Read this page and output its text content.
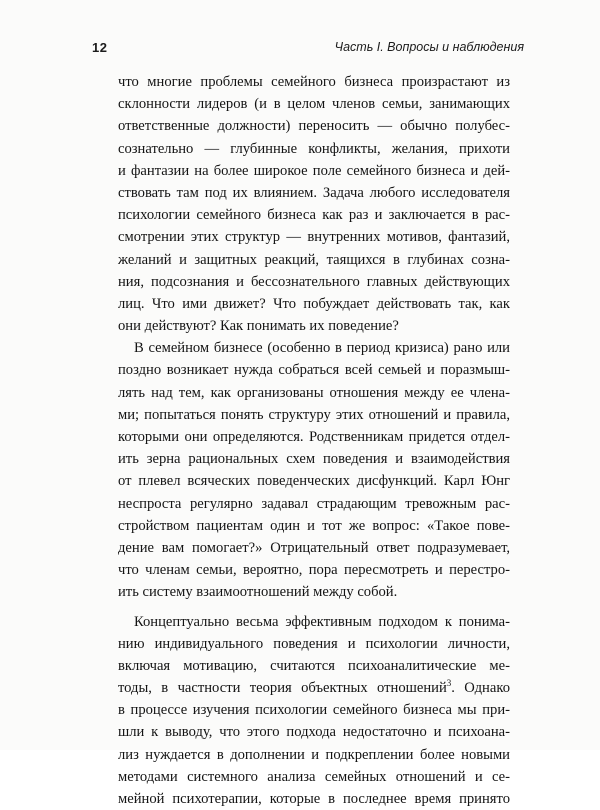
12	Часть I. Вопросы и наблюдения
что многие проблемы семейного бизнеса произрастают из
склонности лидеров (и в целом членов семьи, занимающих
ответственные должности) переносить — обычно полубес-
сознательно — глубинные конфликты, желания, прихоти
и фантазии на более широкое поле семейного бизнеса и дей-
ствовать там под их влиянием. Задача любого исследователя
психологии семейного бизнеса как раз и заключается в рас-
смотрении этих структур — внутренних мотивов, фантазий,
желаний и защитных реакций, таящихся в глубинах созна-
ния, подсознания и бессознательного главных действующих
лиц. Что ими движет? Что побуждает действовать так, как
они действуют? Как понимать их поведение?
В семейном бизнесе (особенно в период кризиса) рано или
поздно возникает нужда собраться всей семьей и поразмыш-
лять над тем, как организованы отношения между ее члена-
ми; попытаться понять структуру этих отношений и правила,
которыми они определяются. Родственникам придется отдел-
ить зерна рациональных схем поведения и взаимодействия
от плевел всяческих поведенческих дисфункций. Карл Юнг
неспроста регулярно задавал страдающим тревожным рас-
стройством пациентам один и тот же вопрос: «Такое пове-
дение вам помогает?» Отрицательный ответ подразумевает,
что членам семьи, вероятно, пора пересмотреть и перестро-
ить систему взаимоотношений между собой.
Концептуально весьма эффективным подходом к понима-
нию индивидуального поведения и психологии личности,
включая мотивацию, считаются психоаналитические ме-
тоды, в частности теория объектных отношений$^3$. Однако
в процессе изучения психологии семейного бизнеса мы при-
шли к выводу, что этого подхода недостаточно и психоана-
лиз нуждается в дополнении и подкреплении более новыми
методами системного анализа семейных отношений и се-
мейной психотерапии, которые в последнее время принято
